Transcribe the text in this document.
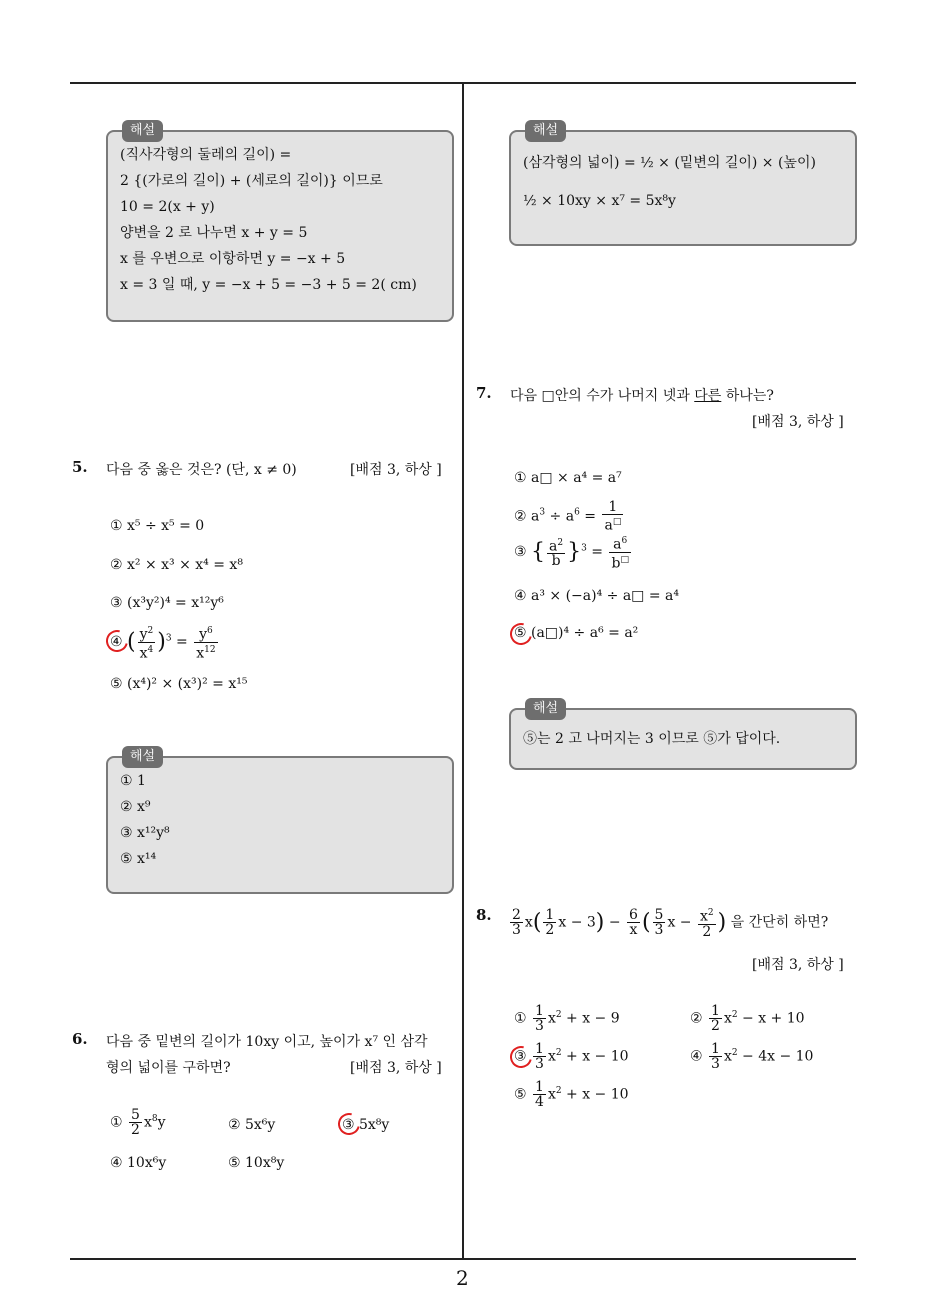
해설
(직사각형의 둘레의 길이) =
2 {(가로의 길이) + (세로의 길이)} 이므로
10 = 2(x + y)
양변을 2 로 나누면 x + y = 5
x 를 우변으로 이항하면 y = −x + 5
x = 3 일 때, y = −x + 5 = −3 + 5 = 2( cm)
5. 다음 중 옳은 것은? (단, x ≠ 0)	[배점 3, 하상 ]
① x⁵ ÷ x⁵ = 0
② x² × x³ × x⁴ = x⁸
③ (x³y²)⁴ = x¹²y⁶
④ ( $\frac{y^2}{x^4} )^3 = \frac{y^6}{x^{12}}$
⑤ (x⁴)² × (x³)² = x¹⁵
해설
① 1
② x⁹
③ x¹²y⁸
⑤ x¹⁴
6. 다음 중 밑변의 길이가 10xy 이고, 높이가 x⁷ 인 삼각
형의 넓이를 구하면?	[배점 3, 하상 ]
① $\frac{5}{2} x^8y$	② 5x⁶y	③ 5x⁸y
④ 10x⁶y	⑤ 10x⁸y
해설
(삼각형의 넓이) = ½ × (밑변의 길이) × (높이)
½ × 10xy × x⁷ = 5x⁸y
7. 다음 □안의 수가 나머지 넷과 다른 하나는?
[배점 3, 하상 ]
① a□ × a⁴ = a⁷
② $a^3 \div a^6 = \frac{1}{a^□}$
③ { $\frac{a^2}{b} \}^3 = \frac{a^6}{b^□}$
④ a³ × (−a)⁴ ÷ a□ = a⁴
⑤ (a□)⁴ ÷ a⁶ = a²
해설
⑤는 2 고 나머지는 3 이므로 ⑤가 답이다.
8. $\frac{2}{3} x( \frac{1}{2}$ $x - 3) - \frac{6}{x}$ ( $\frac{5}{3}$ $x - \frac{x^2}{2}$ ) 을 간단히 하면?
[배점 3, 하상 ]
① $\frac{1}{3} x^2 + x - 9$	② $\frac{1}{2} x^2 - x + 10$
③ $\frac{1}{3} x^2 + x - 10$	④ $\frac{1}{3} x^2 - 4x - 10$
⑤ $\frac{1}{4} x^2 + x - 10$
2
